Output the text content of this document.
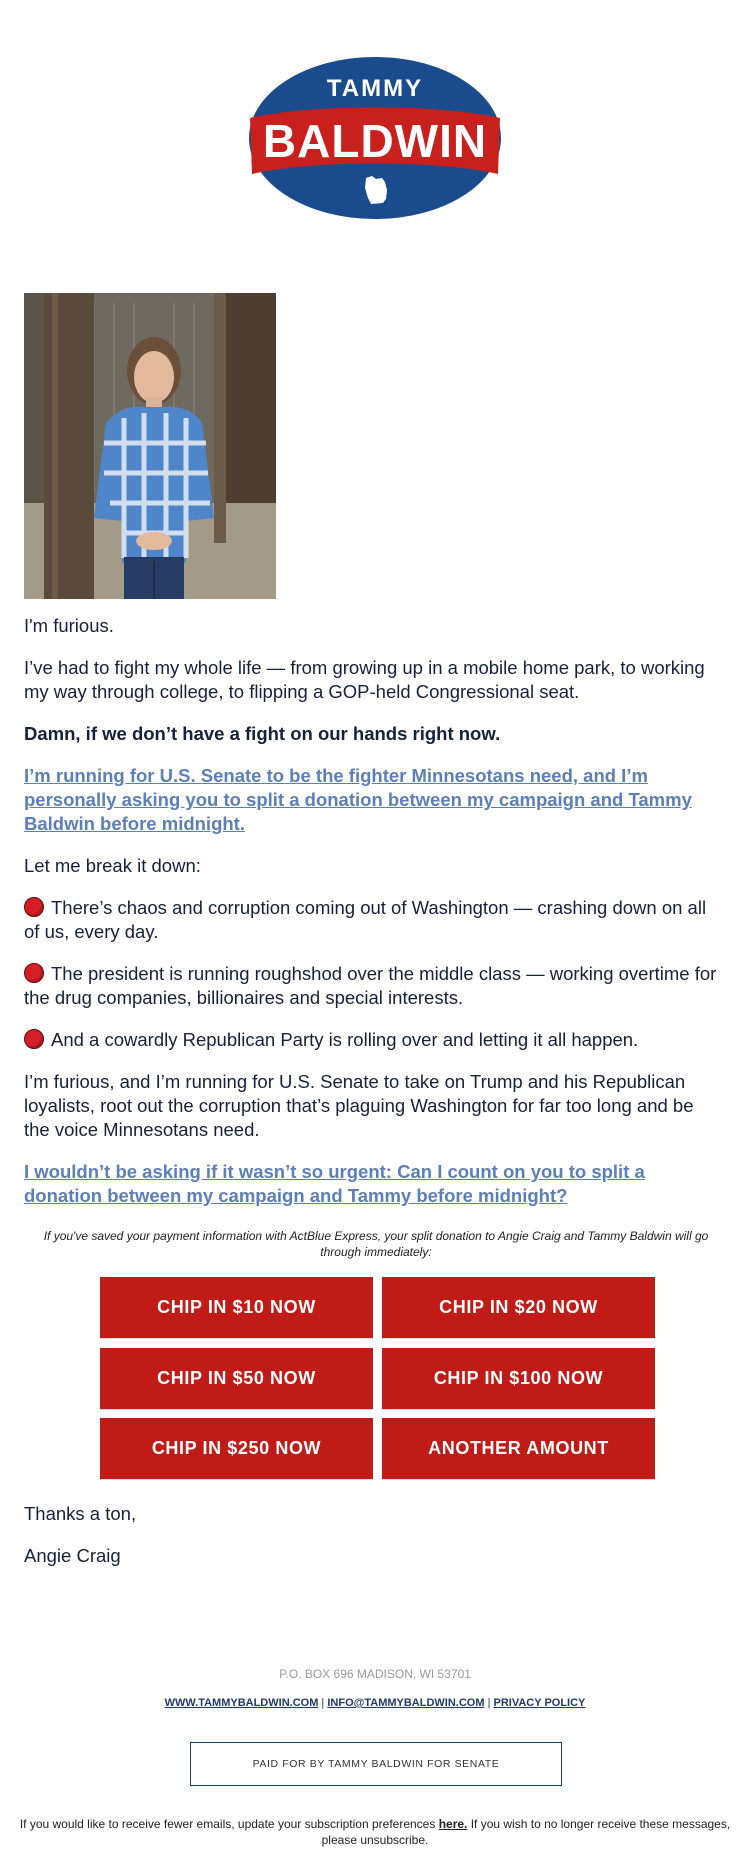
TAMMY
BALDWIN

I'm furious.

I’ve had to fight my whole life — from growing up in a mobile home park, to working my way through college, to flipping a GOP-held Congressional seat.

Damn, if we don’t have a fight on our hands right now.

I’m running for U.S. Senate to be the fighter Minnesotans need, and I’m personally asking you to split a donation between my campaign and Tammy Baldwin before midnight.

Let me break it down:

There’s chaos and corruption coming out of Washington — crashing down on all of us, every day.

The president is running roughshod over the middle class — working overtime for the drug companies, billionaires and special interests.

And a cowardly Republican Party is rolling over and letting it all happen.

I’m furious, and I’m running for U.S. Senate to take on Trump and his Republican loyalists, root out the corruption that’s plaguing Washington for far too long and be the voice Minnesotans need.

I wouldn’t be asking if it wasn’t so urgent: Can I count on you to split a donation between my campaign and Tammy before midnight?

If you've saved your payment information with ActBlue Express, your split donation to Angie Craig and Tammy Baldwin will go through immediately:
CHIP IN $10 NOW	CHIP IN $20 NOW
CHIP IN $50 NOW	CHIP IN $100 NOW
CHIP IN $250 NOW	ANOTHER AMOUNT

Thanks a ton,

Angie Craig

P.O. BOX 696 MADISON, WI 53701
WWW.TAMMYBALDWIN.COM | INFO@TAMMYBALDWIN.COM | PRIVACY POLICY
PAID FOR BY TAMMY BALDWIN FOR SENATE
If you would like to receive fewer emails, update your subscription preferences here. If you wish to no longer receive these messages, please unsubscribe.
